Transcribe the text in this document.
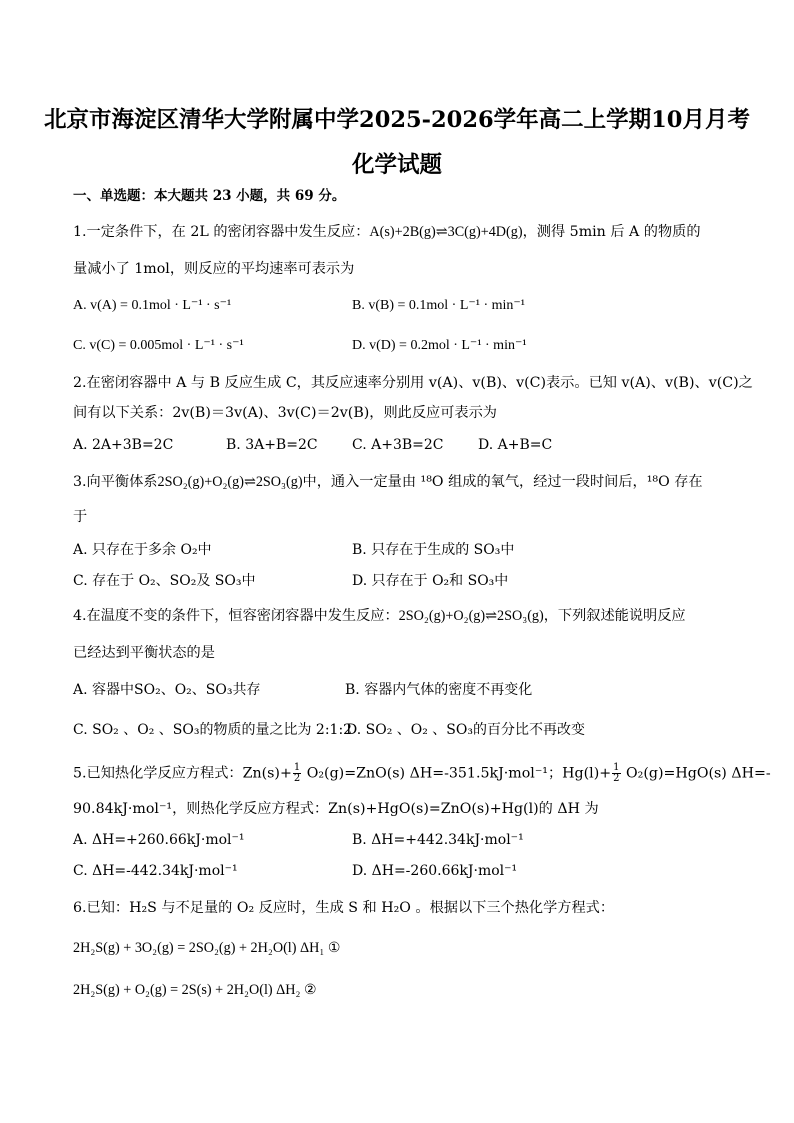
北京市海淀区清华大学附属中学2025-2026学年高二上学期10月月考
化学试题
一、单选题：本大题共 23 小题，共 69 分。
1.一定条件下，在 2L 的密闭容器中发生反应：A(s)+2B(g)⇌3C(g)+4D(g)，测得 5min 后 A 的物质的
量减小了 1mol，则反应的平均速率可表示为
A. v(A) = 0.1mol · L⁻¹ · s⁻¹	B. v(B) = 0.1mol · L⁻¹ · min⁻¹
C. v(C) = 0.005mol · L⁻¹ · s⁻¹	D. v(D) = 0.2mol · L⁻¹ · min⁻¹
2.在密闭容器中 A 与 B 反应生成 C，其反应速率分别用 v(A)、v(B)、v(C)表示。已知 v(A)、v(B)、v(C)之
间有以下关系：2v(B)＝3v(A)、3v(C)＝2v(B)，则此反应可表示为
A. 2A+3B=2C	B. 3A+B=2C C. A+3B=2C D. A+B=C
3.向平衡体系2SO₂(g)+O₂(g)⇌2SO₃(g)中，通入一定量由 ¹⁸O 组成的氧气，经过一段时间后，¹⁸O 存在
于
A. 只存在于多余 O₂中	B. 只存在于生成的 SO₃中
C. 存在于 O₂、SO₂及 SO₃中	D. 只存在于 O₂和 SO₃中
4.在温度不变的条件下，恒容密闭容器中发生反应：2SO₂(g)+O₂(g)⇌2SO₃(g)，下列叙述能说明反应
已经达到平衡状态的是
A. 容器中SO₂、O₂、SO₃共存	B. 容器内气体的密度不再变化
C. SO₂ 、O₂ 、SO₃的物质的量之比为 2:1:2
D. SO₂ 、O₂ 、SO₃的百分比不再改变
5.已知热化学反应方程式：$Zn(s)+ \frac{1}{2} O_2(g)=ZnO(s)$ ΔH=-351.5kJ·mol⁻¹；$Hg(l)+ \frac{1}{2} O_2(g)=HgO(s)$ ΔH=-
90.84kJ·mol⁻¹，则热化学反应方程式：Zn(s)+HgO(s)=ZnO(s)+Hg(l)的 ΔH 为
A. ΔH=+260.66kJ·mol⁻¹	B. ΔH=+442.34kJ·mol⁻¹
C. ΔH=-442.34kJ·mol⁻¹	D. ΔH=-260.66kJ·mol⁻¹
6.已知：H₂S 与不足量的 O₂ 反应时，生成 S 和 H₂O 。根据以下三个热化学方程式：
2H₂S(g) + 3O₂(g) = 2SO₂(g) + 2H₂O(l) ΔH₁ ①
2H₂S(g) + O₂(g) = 2S(s) + 2H₂O(l) ΔH₂ ②
